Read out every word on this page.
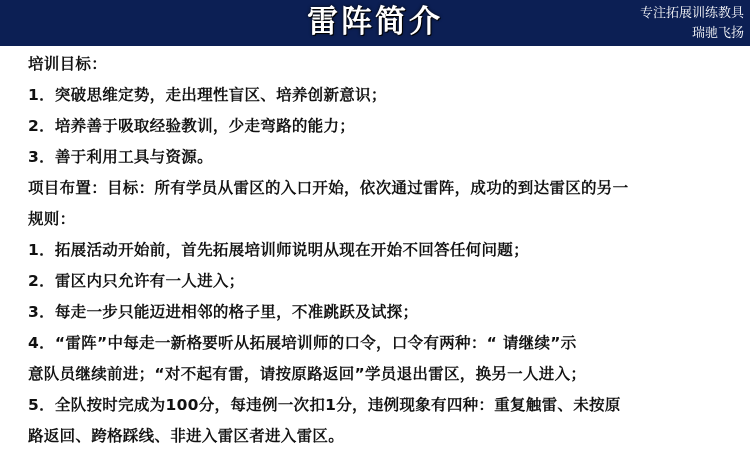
雷阵简介	专注拓展训练教具
瑞驰飞扬
培训目标：
1．突破思维定势，走出理性盲区、培养创新意识；
2．培养善于吸取经验教训，少走弯路的能力；
3．善于利用工具与资源。
项目布置：目标：所有学员从雷区的入口开始，依次通过雷阵，成功的到达雷区的另一
规则：
1．拓展活动开始前，首先拓展培训师说明从现在开始不回答任何问题；
2．雷区内只允许有一人进入；
3．每走一步只能迈进相邻的格子里，不准跳跃及试探；
4．“雷阵”中每走一新格要听从拓展培训师的口令，口令有两种：“ 请继续”示
意队员继续前进；“对不起有雷，请按原路返回”学员退出雷区，换另一人进入；
5．全队按时完成为100分，每违例一次扣1分，违例现象有四种：重复触雷、未按原
路返回、跨格踩线、非进入雷区者进入雷区。
